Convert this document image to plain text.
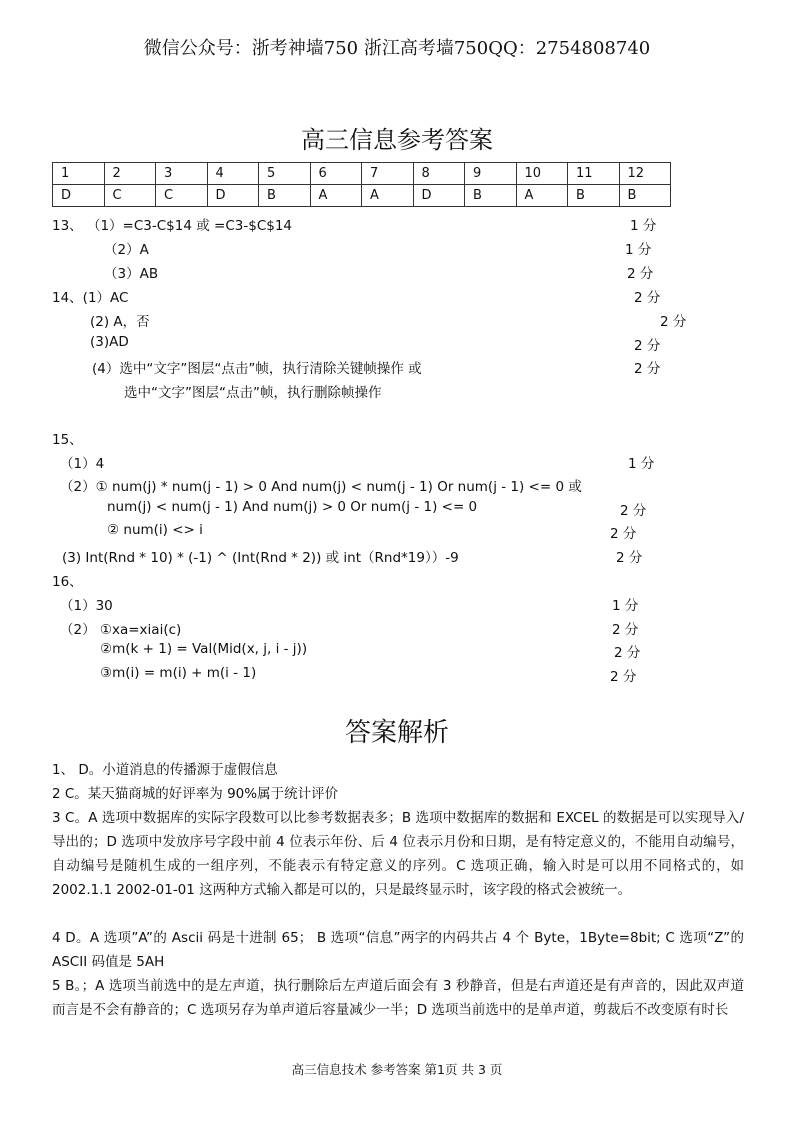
微信公众号：浙考神墙750 浙江高考墙750QQ：2754808740
高三信息参考答案
1	2	3	4	5	6	7	8	9	10	11	12
D	C	C	D	B	A	A	D	B	A	B	B
13、 （1）=C3-C$14 或 =C3-$C$14	1 分
（2）A	1 分
（3）AB	2 分
14、(1）AC	2 分
(2) A，否	2 分
(3)AD	2 分
(4）选中“文字”图层“点击”帧，执行清除关键帧操作 或	2 分
选中“文字”图层“点击”帧，执行删除帧操作
15、
（1）4	1 分
（2）① num(j) * num(j - 1) > 0 And num(j) < num(j - 1) Or num(j - 1) <= 0 或
num(j) < num(j - 1) And num(j) > 0 Or num(j - 1) <= 0	2 分
② num(i) <> i	2 分
(3) Int(Rnd * 10) * (-1) ^ (Int(Rnd * 2)) 或 int（Rnd*19））-9	2 分
16、
（1）30	1 分
（2） ①xa=xiai(c)	2 分
②m(k + 1) = Val(Mid(x, j, i - j))	2 分
③m(i) = m(i) + m(i - 1)	2 分
答案解析
1、 D。小道消息的传播源于虚假信息
2 C。某天猫商城的好评率为 90%属于统计评价
3 C。A 选项中数据库的实际字段数可以比参考数据表多；B 选项中数据库的数据和 EXCEL 的数据是可以实现导入/导出的；D 选项中发放序号字段中前 4 位表示年份、后 4 位表示月份和日期，是有特定意义的，不能用自动编号，自动编号是随机生成的一组序列，不能表示有特定意义的序列。C 选项正确，输入时是可以用不同格式的，如 2002.1.1 2002-01-01 这两种方式输入都是可以的，只是最终显示时，该字段的格式会被统一。
4 D。A 选项”A”的 Ascii 码是十进制 65； B 选项“信息”两字的内码共占 4 个 Byte，1Byte=8bit; C 选项“Z”的 ASCII 码值是 5AH
5 B。；A 选项当前选中的是左声道，执行删除后左声道后面会有 3 秒静音，但是右声道还是有声音的，因此双声道而言是不会有静音的；C 选项另存为单声道后容量减少一半；D 选项当前选中的是单声道，剪裁后不改变原有时长
高三信息技术 参考答案 第1页 共 3 页
